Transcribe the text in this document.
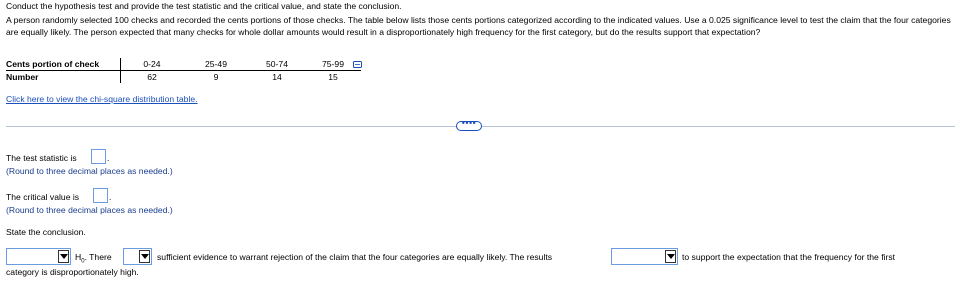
Conduct the hypothesis test and provide the test statistic and the critical value, and state the conclusion.
A person randomly selected 100 checks and recorded the cents portions of those checks. The table below lists those cents portions categorized according to the indicated values. Use a 0.025 significance level to test the claim that the four categories are equally likely. The person expected that many checks for whole dollar amounts would result in a disproportionately high frequency for the first category, but do the results support that expectation?
Cents portion of check	0-24	25-49	50-74	75-99
Number	62	9	14	15
Click here to view the chi-square distribution table.
••••
The test statistic is	.
(Round to three decimal places as needed.)
The critical value is	.
(Round to three decimal places as needed.)
State the conclusion.
$H_0$. There	sufficient evidence to warrant rejection of the claim that the four categories are equally likely. The results	to support the expectation that the frequency for the first
category is disproportionately high.
